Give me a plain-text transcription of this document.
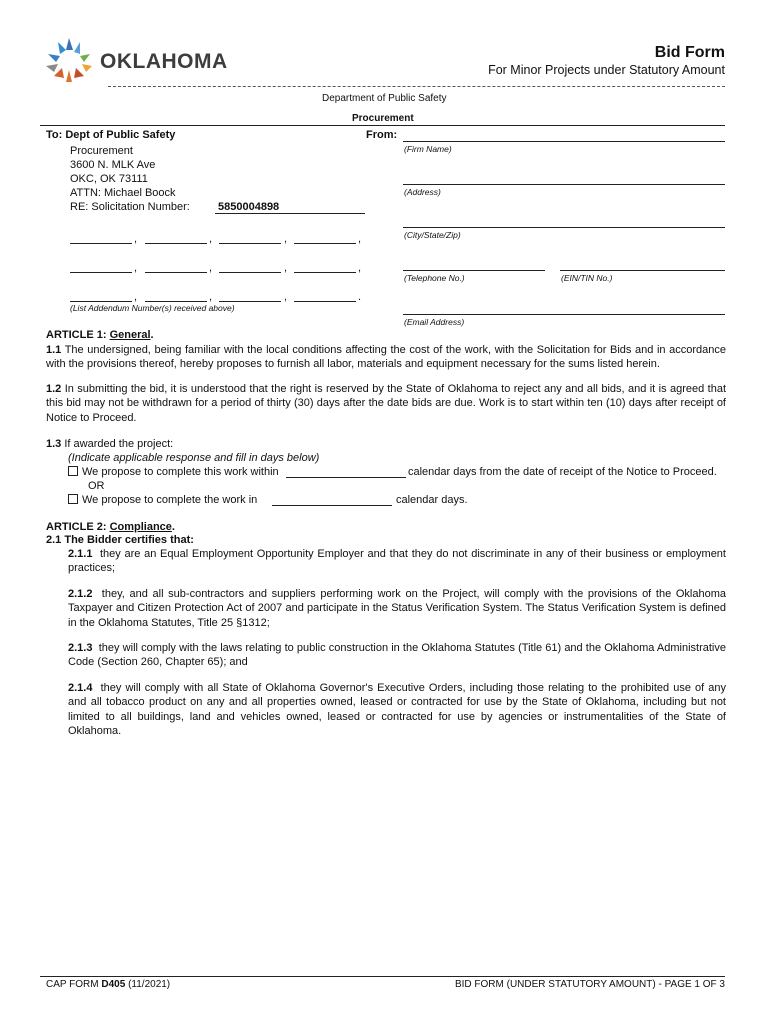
OKLAHOMA	Bid Form
For Minor Projects under Statutory Amount
Department of Public Safety
Procurement
To: Dept of Public Safety
Procurement
3600 N. MLK Ave
OKC, OK 73111
ATTN: Michael Boock
RE: Solicitation Number:	5850004898
,	,	,	,
,	,	,	,
,	,	,	.
(List Addendum Number(s) received above)
From:
(Firm Name)
(Address)
(City/State/Zip)
(Telephone No.)	(EIN/TIN No.)
(Email Address)
ARTICLE 1: General.
1.1 The undersigned, being familiar with the local conditions affecting the cost of the work, with the Solicitation for Bids and in accordance with the provisions thereof, hereby proposes to furnish all labor, materials and equipment necessary for the sums listed herein.
1.2 In submitting the bid, it is understood that the right is reserved by the State of Oklahoma to reject any and all bids, and it is agreed that this bid may not be withdrawn for a period of thirty (30) days after the date bids are due. Work is to start within ten (10) days after receipt of Notice to Proceed.
1.3 If awarded the project:
(Indicate applicable response and fill in days below)
We propose to complete this work within	calendar days from the date of receipt of the Notice to Proceed.
OR
We propose to complete the work in	calendar days.
ARTICLE 2: Compliance.
2.1 The Bidder certifies that:
2.1.1 they are an Equal Employment Opportunity Employer and that they do not discriminate in any of their business or employment practices;
2.1.2 they, and all sub-contractors and suppliers performing work on the Project, will comply with the provisions of the Oklahoma Taxpayer and Citizen Protection Act of 2007 and participate in the Status Verification System. The Status Verification System is defined in the Oklahoma Statutes, Title 25 §1312;
2.1.3 they will comply with the laws relating to public construction in the Oklahoma Statutes (Title 61) and the Oklahoma Administrative Code (Section 260, Chapter 65); and
2.1.4 they will comply with all State of Oklahoma Governor's Executive Orders, including those relating to the prohibited use of any and all tobacco product on any and all properties owned, leased or contracted for use by the State of Oklahoma, including but not limited to all buildings, land and vehicles owned, leased or contracted for use by agencies or instrumentalities of the State of Oklahoma.
CAP FORM D405 (11/2021)	BID FORM (UNDER STATUTORY AMOUNT) - PAGE 1 OF 3
